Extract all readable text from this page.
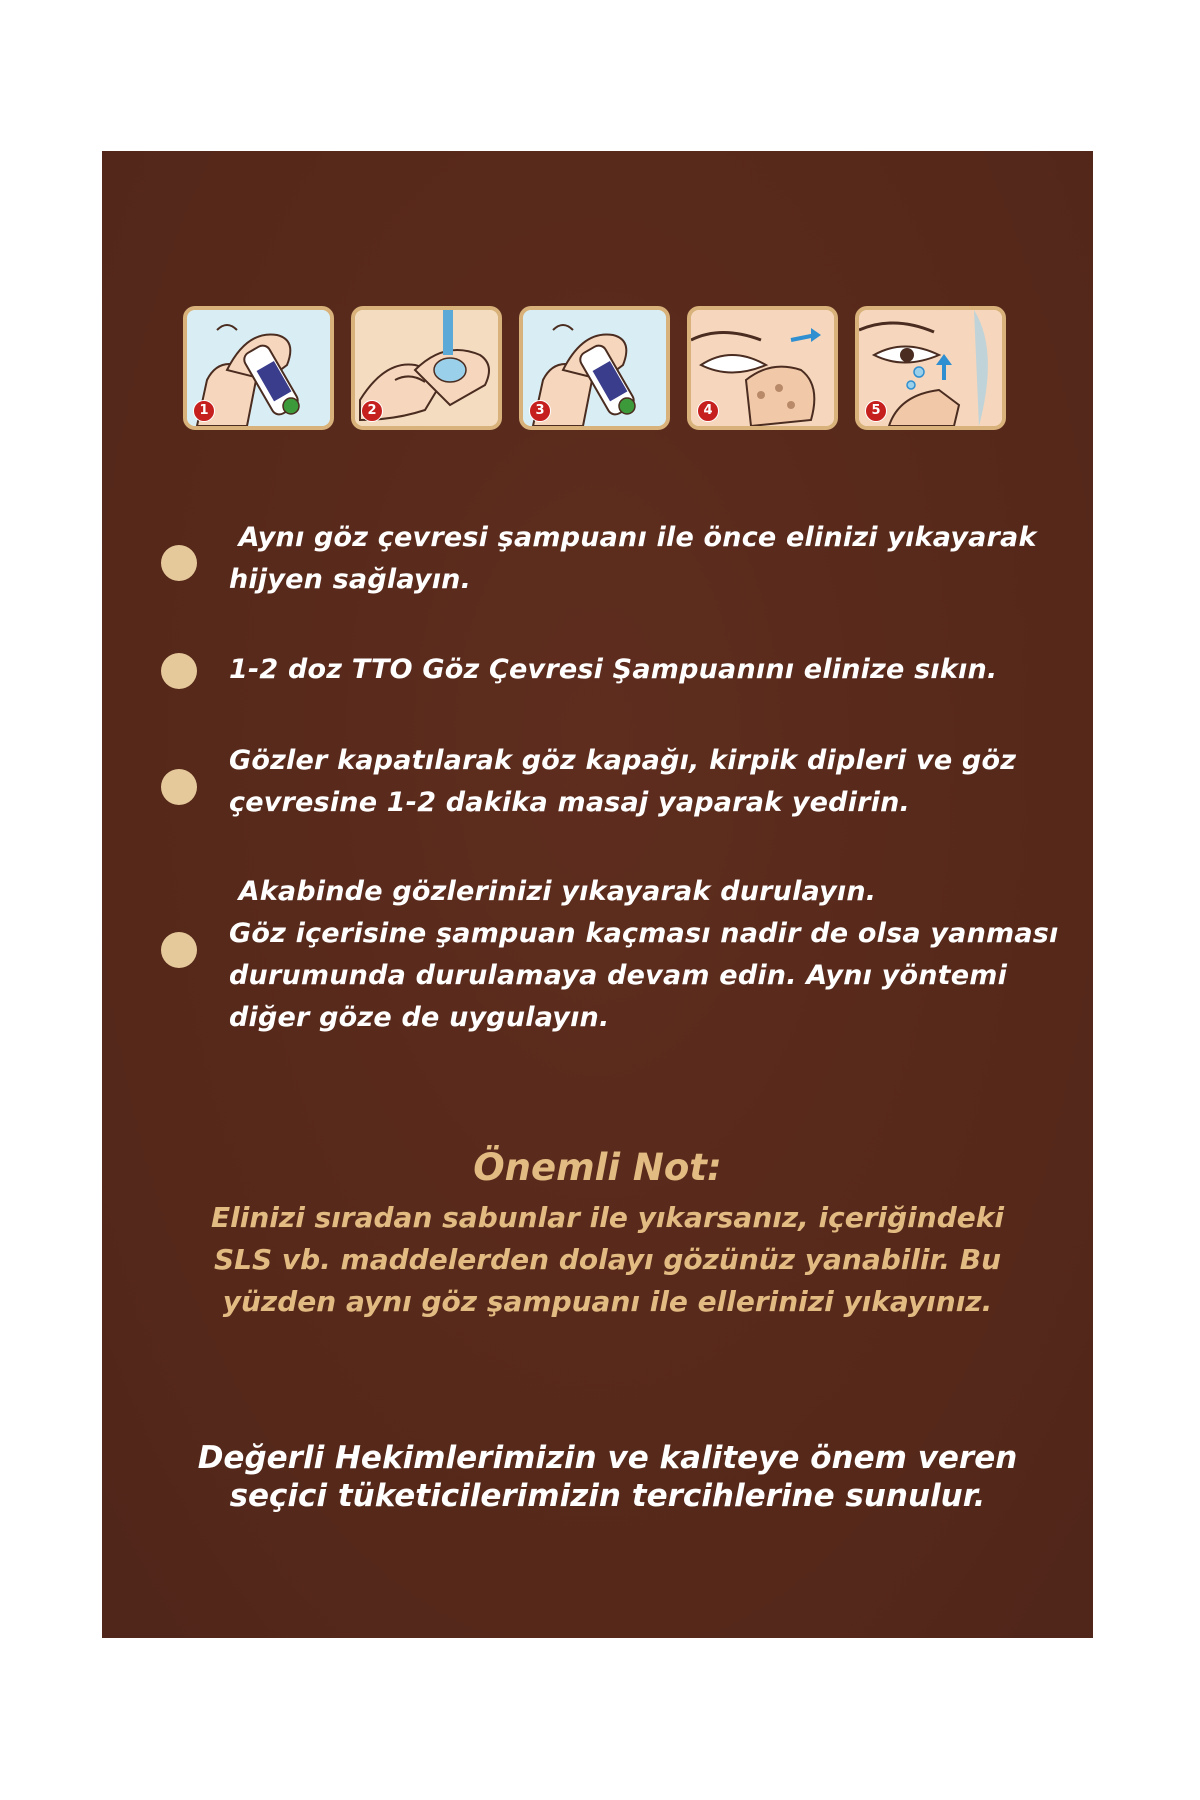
1	2	3	4	5
Aynı göz çevresi şampuanı ile önce elinizi yıkayarak
hijyen sağlayın.
1-2 doz TTO Göz Çevresi Şampuanını elinize sıkın.
Gözler kapatılarak göz kapağı, kirpik dipleri ve göz
çevresine 1-2 dakika masaj yaparak yedirin.
Akabinde gözlerinizi yıkayarak durulayın.
Göz içerisine şampuan kaçması nadir de olsa yanması
durumunda durulamaya devam edin. Aynı yöntemi
diğer göze de uygulayın.
Önemli Not:
Elinizi sıradan sabunlar ile yıkarsanız, içeriğindeki
SLS vb. maddelerden dolayı gözünüz yanabilir. Bu
yüzden aynı göz şampuanı ile ellerinizi yıkayınız.
Değerli Hekimlerimizin ve kaliteye önem veren
seçici tüketicilerimizin tercihlerine sunulur.
